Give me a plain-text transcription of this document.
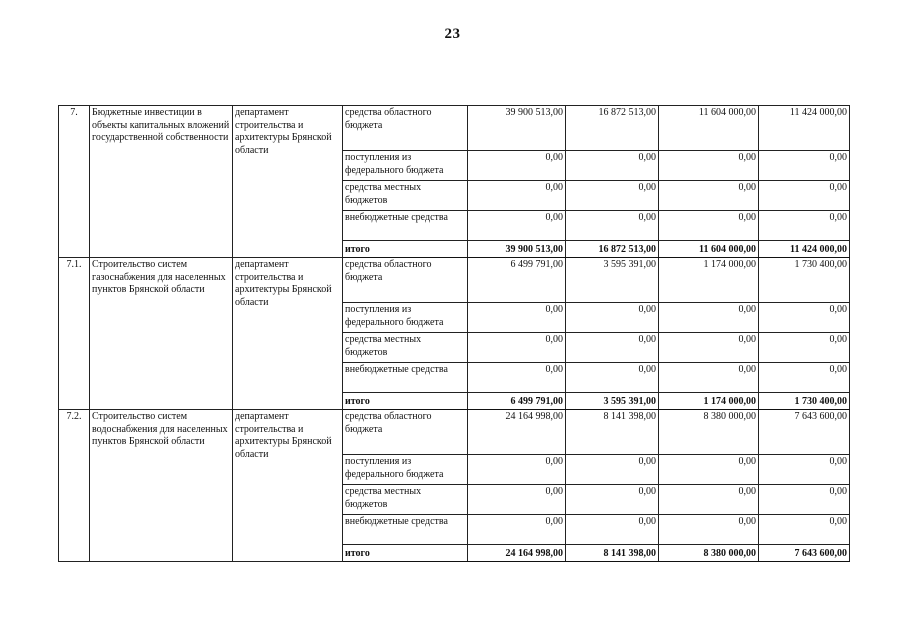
23
7.	Бюджетные инвестиции в объекты капитальных вложений государственной собственности	департамент строительства и архитектуры Брянской области	средства областного бюджета	39 900 513,00	16 872 513,00	11 604 000,00	11 424 000,00
			поступления из федерального бюджета	0,00	0,00	0,00	0,00
			средства местных бюджетов	0,00	0,00	0,00	0,00
			внебюджетные средства	0,00	0,00	0,00	0,00
			итого	39 900 513,00	16 872 513,00	11 604 000,00	11 424 000,00
7.1.	Строительство систем газоснабжения для населенных пунктов Брянской области	департамент строительства и архитектуры Брянской области	средства областного бюджета	6 499 791,00	3 595 391,00	1 174 000,00	1 730 400,00
			поступления из федерального бюджета	0,00	0,00	0,00	0,00
			средства местных бюджетов	0,00	0,00	0,00	0,00
			внебюджетные средства	0,00	0,00	0,00	0,00
			итого	6 499 791,00	3 595 391,00	1 174 000,00	1 730 400,00
7.2.	Строительство систем водоснабжения для населенных пунктов Брянской области	департамент строительства и архитектуры Брянской области	средства областного бюджета	24 164 998,00	8 141 398,00	8 380 000,00	7 643 600,00
			поступления из федерального бюджета	0,00	0,00	0,00	0,00
			средства местных бюджетов	0,00	0,00	0,00	0,00
			внебюджетные средства	0,00	0,00	0,00	0,00
			итого	24 164 998,00	8 141 398,00	8 380 000,00	7 643 600,00
